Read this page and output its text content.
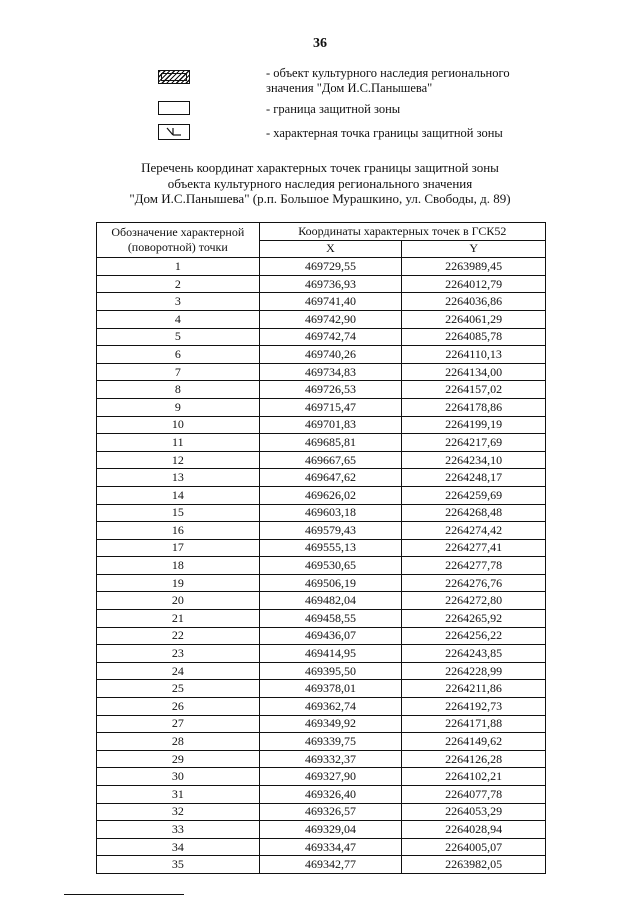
36
- объект культурного наследия регионального
значения "Дом И.С.Панышева"
- граница защитной зоны
- характерная точка границы защитной зоны
Перечень координат характерных точек границы защитной зоны
объекта культурного наследия регионального значения
"Дом И.С.Панышева" (р.п. Большое Мурашкино, ул. Свободы, д. 89)
Обозначение характерной
(поворотной) точки	Координаты характерных точек в ГСК52	
	X	Y
1	469729,55	2263989,45
2	469736,93	2264012,79
3	469741,40	2264036,86
4	469742,90	2264061,29
5	469742,74	2264085,78
6	469740,26	2264110,13
7	469734,83	2264134,00
8	469726,53	2264157,02
9	469715,47	2264178,86
10	469701,83	2264199,19
11	469685,81	2264217,69
12	469667,65	2264234,10
13	469647,62	2264248,17
14	469626,02	2264259,69
15	469603,18	2264268,48
16	469579,43	2264274,42
17	469555,13	2264277,41
18	469530,65	2264277,78
19	469506,19	2264276,76
20	469482,04	2264272,80
21	469458,55	2264265,92
22	469436,07	2264256,22
23	469414,95	2264243,85
24	469395,50	2264228,99
25	469378,01	2264211,86
26	469362,74	2264192,73
27	469349,92	2264171,88
28	469339,75	2264149,62
29	469332,37	2264126,28
30	469327,90	2264102,21
31	469326,40	2264077,78
32	469326,57	2264053,29
33	469329,04	2264028,94
34	469334,47	2264005,07
35	469342,77	2263982,05
